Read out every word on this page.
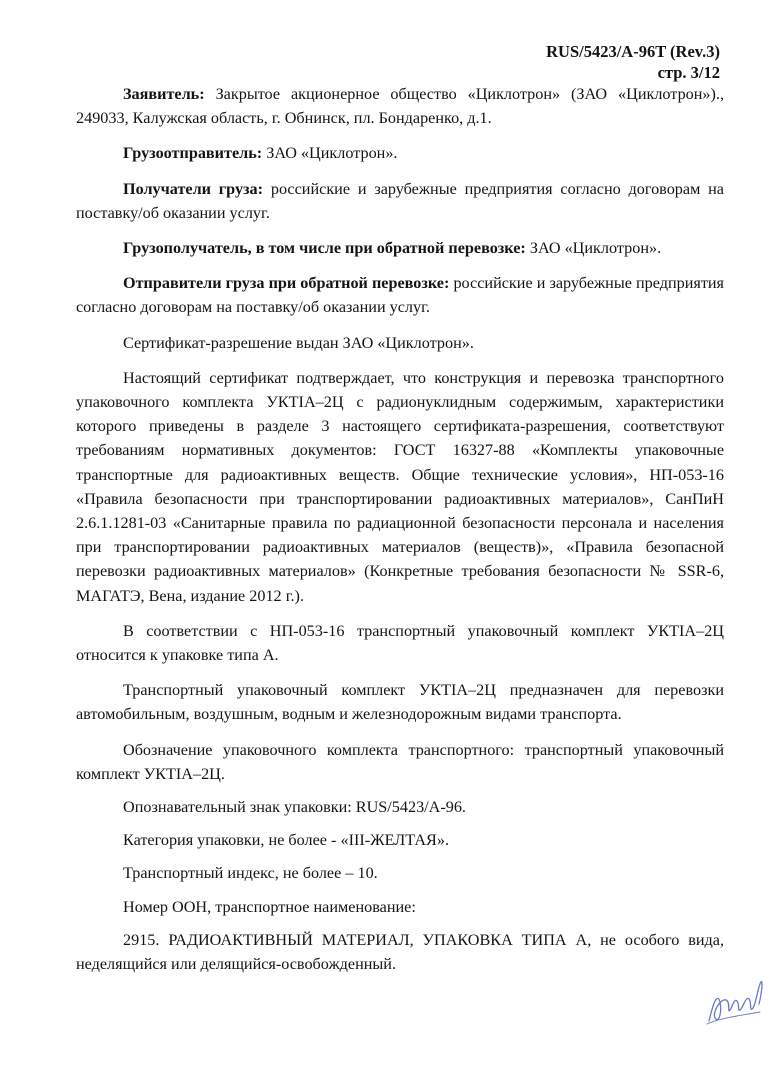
RUS/5423/A-96T (Rev.3)
стр. 3/12

Заявитель: Закрытое акционерное общество «Циклотрон» (ЗАО «Циклотрон»)., 249033, Калужская область, г. Обнинск, пл. Бондаренко, д.1.

Грузоотправитель: ЗАО «Циклотрон».

Получатели груза: российские и зарубежные предприятия согласно договорам на поставку/об оказании услуг.

Грузополучатель, в том числе при обратной перевозке: ЗАО «Циклотрон».

Отправители груза при обратной перевозке: российские и зарубежные предприятия согласно договорам на поставку/об оказании услуг.

Сертификат-разрешение выдан ЗАО «Циклотрон».

Настоящий сертификат подтверждает, что конструкция и перевозка транспортного упаковочного комплекта УКТIA–2Ц с радионуклидным содержимым, характеристики которого приведены в разделе 3 настоящего сертификата-разрешения, соответствуют требованиям нормативных документов: ГОСТ 16327-88 «Комплекты упаковочные транспортные для радиоактивных веществ. Общие технические условия», НП-053-16 «Правила безопасности при транспортировании радиоактивных материалов», СанПиН 2.6.1.1281-03 «Санитарные правила по радиационной безопасности персонала и населения при транспортировании радиоактивных материалов (веществ)», «Правила безопасной перевозки радиоактивных материалов» (Конкретные требования безопасности № SSR-6, МАГАТЭ, Вена, издание 2012 г.).

В соответствии с НП-053-16 транспортный упаковочный комплект УКТIA–2Ц относится к упаковке типа А.

Транспортный упаковочный комплект УКТIA–2Ц предназначен для перевозки автомобильным, воздушным, водным и железнодорожным видами транспорта.

Обозначение упаковочного комплекта транспортного: транспортный упаковочный комплект УКТIA–2Ц.

Опознавательный знак упаковки: RUS/5423/A-96.

Категория упаковки, не более - «III-ЖЕЛТАЯ».

Транспортный индекс, не более – 10.

Номер ООН, транспортное наименование:

2915. РАДИОАКТИВНЫЙ МАТЕРИАЛ, УПАКОВКА ТИПА А, не особого вида, неделящийся или делящийся-освобожденный.
